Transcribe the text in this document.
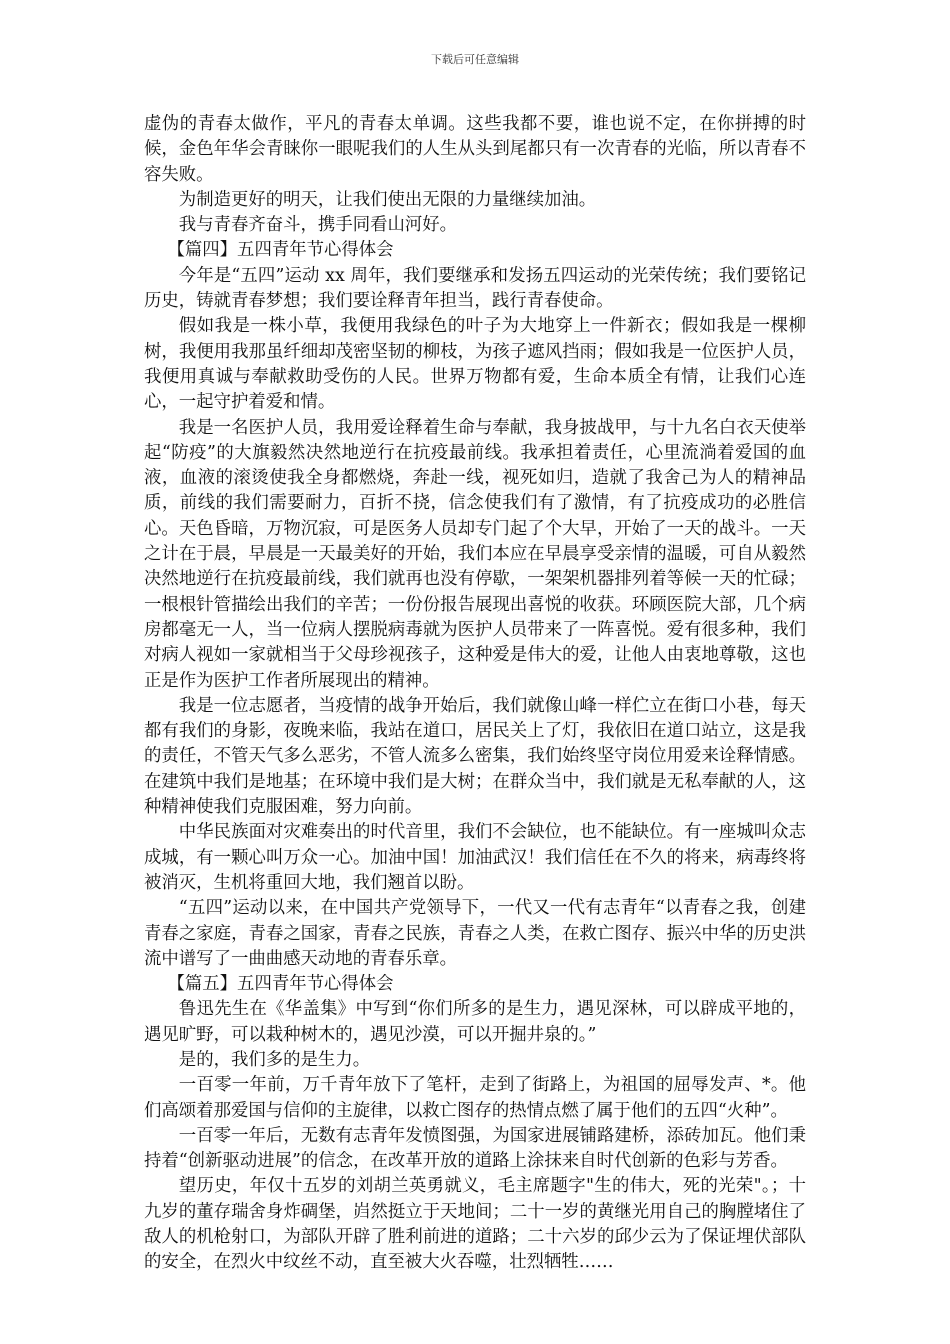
下载后可任意编辑

虚伪的青春太做作，平凡的青春太单调。这些我都不要，谁也说不定，在你拼搏的时候，金色年华会青睐你一眼呢我们的人生从头到尾都只有一次青春的光临，所以青春不容失败。

为制造更好的明天，让我们使出无限的力量继续加油。

我与青春齐奋斗，携手同看山河好。

【篇四】五四青年节心得体会

今年是“五四”运动 xx 周年，我们要继承和发扬五四运动的光荣传统；我们要铭记历史，铸就青春梦想；我们要诠释青年担当，践行青春使命。

假如我是一株小草，我便用我绿色的叶子为大地穿上一件新衣；假如我是一棵柳树，我便用我那虽纤细却茂密坚韧的柳枝，为孩子遮风挡雨；假如我是一位医护人员，我便用真诚与奉献救助受伤的人民。世界万物都有爱，生命本质全有情，让我们心连心，一起守护着爱和情。

我是一名医护人员，我用爱诠释着生命与奉献，我身披战甲，与十九名白衣天使举起“防疫”的大旗毅然决然地逆行在抗疫最前线。我承担着责任，心里流淌着爱国的血液，血液的滚烫使我全身都燃烧，奔赴一线，视死如归，造就了我舍己为人的精神品质，前线的我们需要耐力，百折不挠，信念使我们有了激情，有了抗疫成功的必胜信心。天色昏暗，万物沉寂，可是医务人员却专门起了个大早，开始了一天的战斗。一天之计在于晨，早晨是一天最美好的开始，我们本应在早晨享受亲情的温暖，可自从毅然决然地逆行在抗疫最前线，我们就再也没有停歇，一架架机器排列着等候一天的忙碌；一根根针管描绘出我们的辛苦；一份份报告展现出喜悦的收获。环顾医院大部，几个病房都毫无一人，当一位病人摆脱病毒就为医护人员带来了一阵喜悦。爱有很多种，我们对病人视如一家就相当于父母珍视孩子，这种爱是伟大的爱，让他人由衷地尊敬，这也正是作为医护工作者所展现出的精神。

我是一位志愿者，当疫情的战争开始后，我们就像山峰一样伫立在街口小巷，每天都有我们的身影，夜晚来临，我站在道口，居民关上了灯，我依旧在道口站立，这是我的责任，不管天气多么恶劣，不管人流多么密集，我们始终坚守岗位用爱来诠释情感。在建筑中我们是地基；在环境中我们是大树；在群众当中，我们就是无私奉献的人，这种精神使我们克服困难，努力向前。

中华民族面对灾难奏出的时代音里，我们不会缺位，也不能缺位。有一座城叫众志成城，有一颗心叫万众一心。加油中国！加油武汉！我们信任在不久的将来，病毒终将被消灭，生机将重回大地，我们翘首以盼。

“五四”运动以来，在中国共产党领导下，一代又一代有志青年“以青春之我，创建青春之家庭，青春之国家，青春之民族，青春之人类，在救亡图存、振兴中华的历史洪流中谱写了一曲曲感天动地的青春乐章。

【篇五】五四青年节心得体会

鲁迅先生在《华盖集》中写到“你们所多的是生力，遇见深林，可以辟成平地的，遇见旷野，可以栽种树木的，遇见沙漠，可以开掘井泉的。”

是的，我们多的是生力。

一百零一年前，万千青年放下了笔杆，走到了街路上，为祖国的屈辱发声、*。他们高颂着那爱国与信仰的主旋律，以救亡图存的热情点燃了属于他们的五四“火种”。

一百零一年后，无数有志青年发愤图强，为国家进展铺路建桥，添砖加瓦。他们秉持着“创新驱动进展”的信念，在改革开放的道路上涂抹来自时代创新的色彩与芳香。

望历史，年仅十五岁的刘胡兰英勇就义，毛主席题字"生的伟大，死的光荣"。；十九岁的董存瑞舍身炸碉堡，岿然挺立于天地间；二十一岁的黄继光用自己的胸膛堵住了敌人的机枪射口，为部队开辟了胜利前进的道路；二十六岁的邱少云为了保证埋伏部队的安全，在烈火中纹丝不动，直至被大火吞噬，壮烈牺牲……
